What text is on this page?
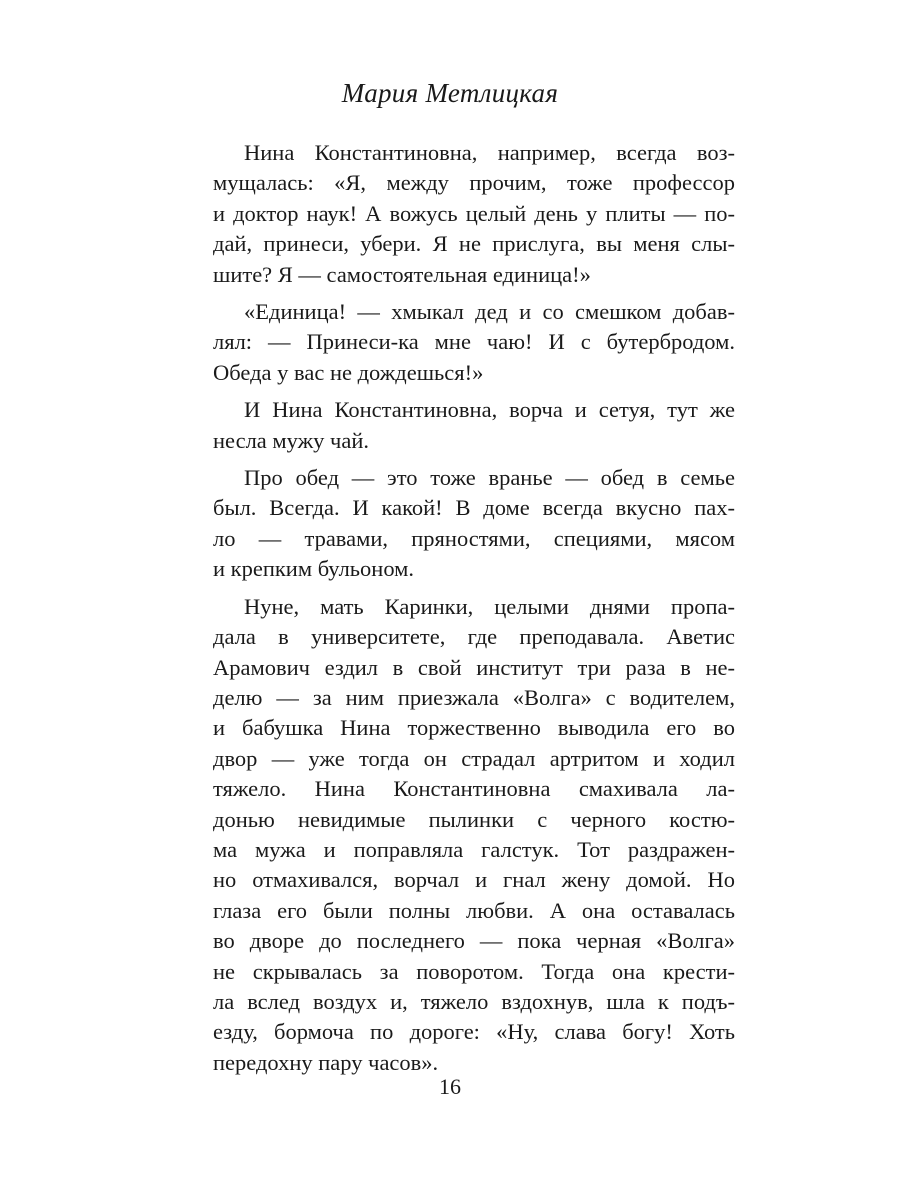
Мария Метлицкая
Нина Константиновна, например, всегда воз-
мущалась: «Я, между прочим, тоже профессор
и доктор наук! А вожусь целый день у плиты — по-
дай, принеси, убери. Я не прислуга, вы меня слы-
шите? Я — самостоятельная единица!»
«Единица! — хмыкал дед и со смешком добав-
лял: — Принеси-ка мне чаю! И с бутербродом.
Обеда у вас не дождешься!»
И Нина Константиновна, ворча и сетуя, тут же
несла мужу чай.
Про обед — это тоже вранье — обед в семье
был. Всегда. И какой! В доме всегда вкусно пах-
ло — травами, пряностями, специями, мясом
и крепким бульоном.
Нуне, мать Каринки, целыми днями пропа-
дала в университете, где преподавала. Аветис
Арамович ездил в свой институт три раза в не-
делю — за ним приезжала «Волга» с водителем,
и бабушка Нина торжественно выводила его во
двор — уже тогда он страдал артритом и ходил
тяжело. Нина Константиновна смахивала ла-
донью невидимые пылинки с черного костю-
ма мужа и поправляла галстук. Тот раздражен-
но отмахивался, ворчал и гнал жену домой. Но
глаза его были полны любви. А она оставалась
во дворе до последнего — пока черная «Волга»
не скрывалась за поворотом. Тогда она крести-
ла вслед воздух и, тяжело вздохнув, шла к подъ-
езду, бормоча по дороге: «Ну, слава богу! Хоть
передохну пару часов».
16
